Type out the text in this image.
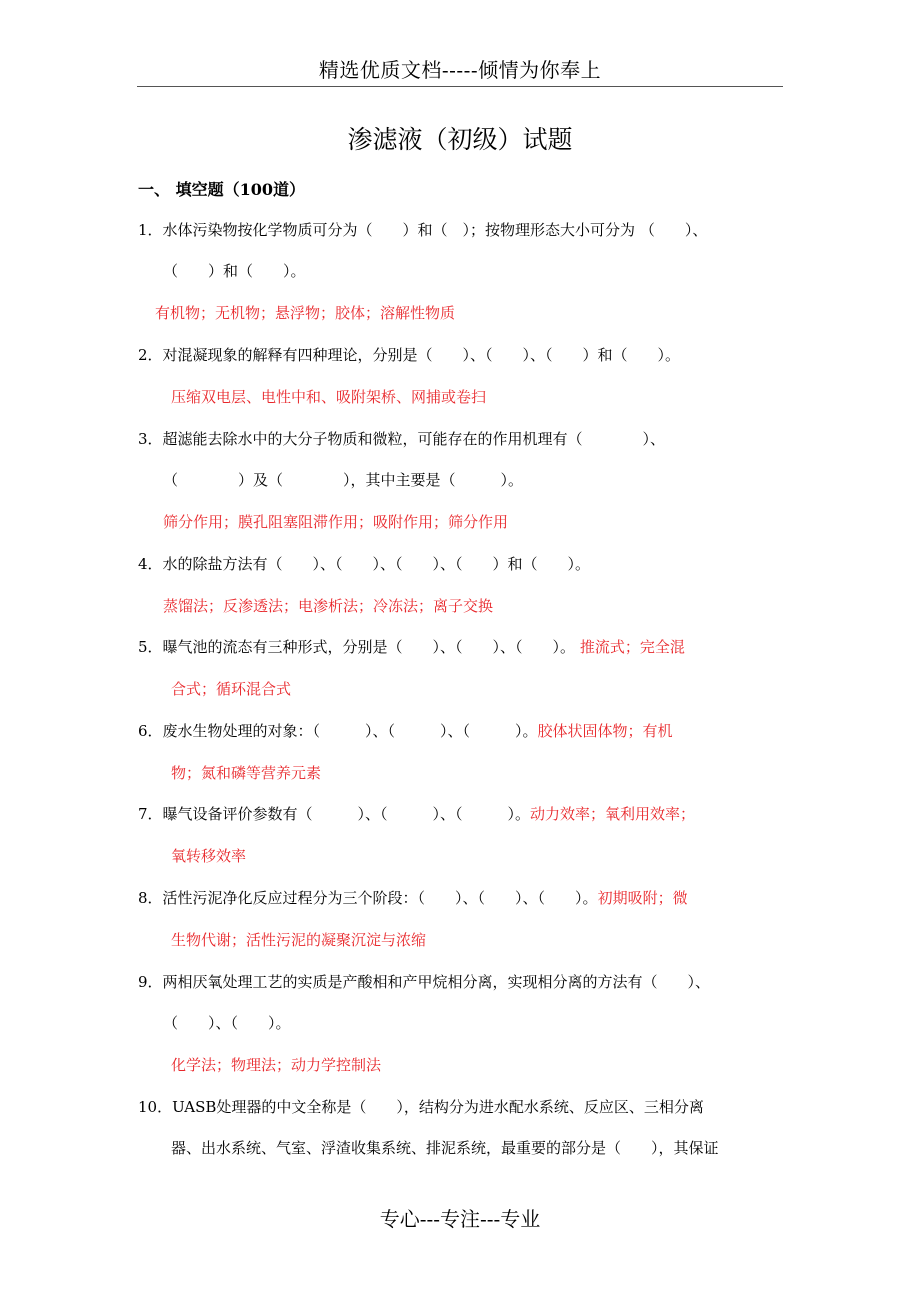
精选优质文档-----倾情为你奉上
渗滤液（初级）试题
一、 填空题（100道）
1．水体污染物按化学物质可分为（　　）和（　）；按物理形态大小可分为 （　　）、
（　　）和（　　）。
有机物；无机物；悬浮物；胶体；溶解性物质
2．对混凝现象的解释有四种理论，分别是（　　）、（　　）、（　　）和（　　）。
压缩双电层、电性中和、吸附架桥、网捕或卷扫
3．超滤能去除水中的大分子物质和微粒，可能存在的作用机理有（　　　　）、
（　　　　）及（　　　　），其中主要是（　　　）。
筛分作用；膜孔阻塞阻滞作用；吸附作用；筛分作用
4．水的除盐方法有（　　）、（　　）、（　　）、（　　）和（　　）。
蒸馏法；反渗透法；电渗析法；冷冻法；离子交换
5．曝气池的流态有三种形式，分别是（　　）、（　　）、（　　）。 推流式；完全混
合式；循环混合式
6．废水生物处理的对象：（　　　）、（　　　）、（　　　）。胶体状固体物；有机
物；氮和磷等营养元素
7．曝气设备评价参数有（　　　）、（　　　）、（　　　）。动力效率；氧利用效率；
氧转移效率
8．活性污泥净化反应过程分为三个阶段：（　　）、（　　）、（　　）。初期吸附；微
生物代谢；活性污泥的凝聚沉淀与浓缩
9．两相厌氧处理工艺的实质是产酸相和产甲烷相分离，实现相分离的方法有（　　）、
（　　）、（　　）。
化学法；物理法；动力学控制法
10．UASB处理器的中文全称是（　　），结构分为进水配水系统、反应区、三相分离
器、出水系统、气室、浮渣收集系统、排泥系统，最重要的部分是（　　），其保证
专心---专注---专业
